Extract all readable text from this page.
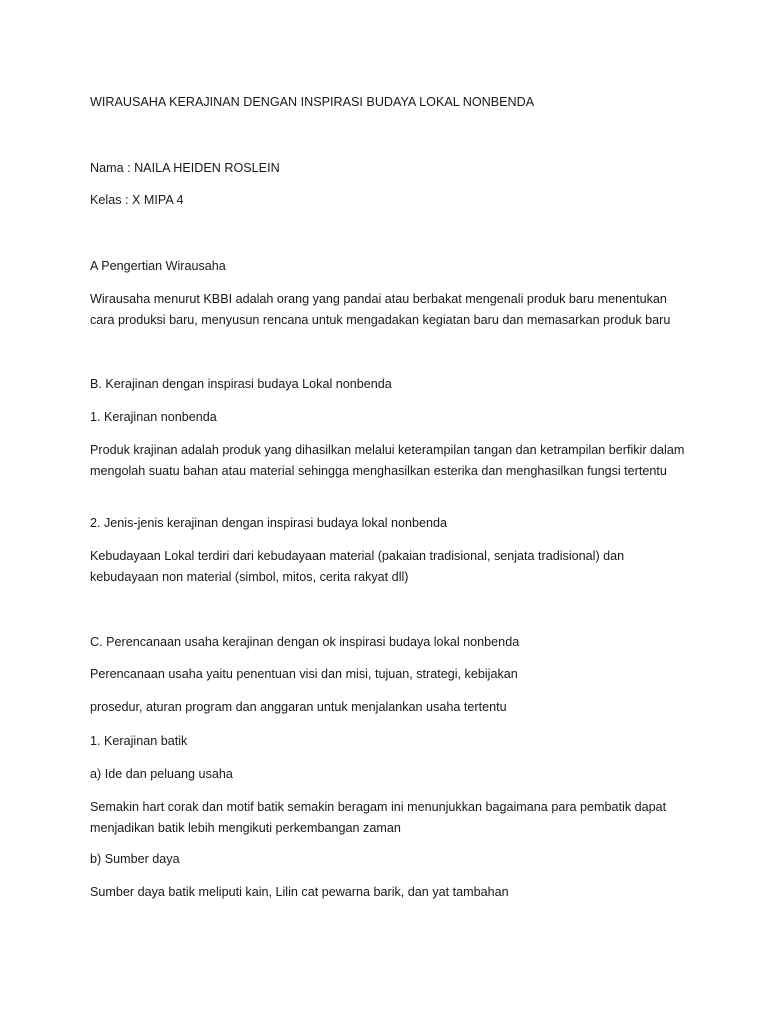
WIRAUSAHA KERAJINAN DENGAN INSPIRASI BUDAYA LOKAL NONBENDA

Nama : NAILA HEIDEN ROSLEIN

Kelas : X MIPA 4

A Pengertian Wirausaha

Wirausaha menurut KBBI adalah orang yang pandai atau berbakat mengenali produk baru menentukan cara produksi baru, menyusun rencana untuk mengadakan kegiatan baru dan memasarkan produk baru

B. Kerajinan dengan inspirasi budaya Lokal nonbenda

1. Kerajinan nonbenda

Produk krajinan adalah produk yang dihasilkan melalui keterampilan tangan dan ketrampilan berfikir dalam mengolah suatu bahan atau material sehingga menghasilkan esterika dan menghasilkan fungsi tertentu

2. Jenis-jenis kerajinan dengan inspirasi budaya lokal nonbenda

Kebudayaan Lokal terdiri dari kebudayaan material (pakaian tradisional, senjata tradisional) dan kebudayaan non material (simbol, mitos, cerita rakyat dll)

C. Perencanaan usaha kerajinan dengan ok inspirasi budaya lokal nonbenda

Perencanaan usaha yaitu penentuan visi dan misi, tujuan, strategi, kebijakan

prosedur, aturan program dan anggaran untuk menjalankan usaha tertentu

1. Kerajinan batik

a) Ide dan peluang usaha

Semakin hart corak dan motif batik semakin beragam ini menunjukkan bagaimana para pembatik dapat menjadikan batik lebih mengikuti perkembangan zaman

b) Sumber daya

Sumber daya batik meliputi kain, Lilin cat pewarna barik, dan yat tambahan
